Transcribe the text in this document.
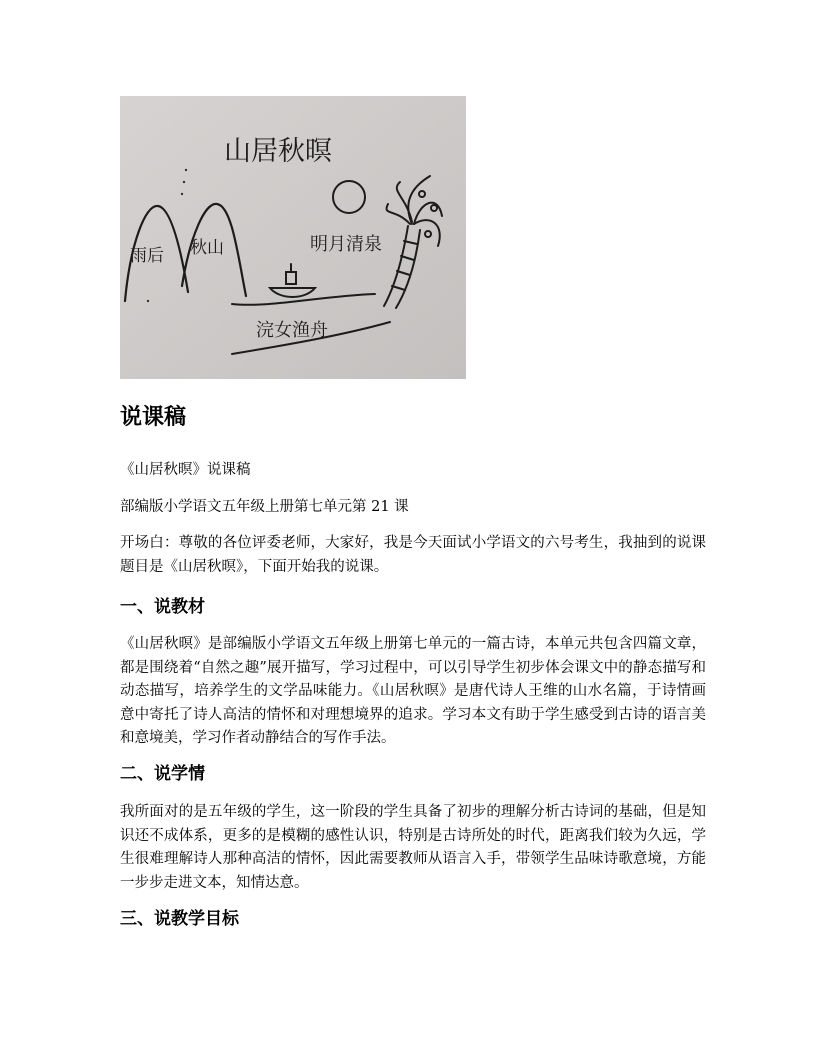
山居秋暝
雨后 秋山	明月清泉
浣女渔舟
说课稿

《山居秋暝》说课稿

部编版小学语文五年级上册第七单元第 21 课

开场白：尊敬的各位评委老师，大家好，我是今天面试小学语文的六号考生，我抽到的说课题目是《山居秋暝》，下面开始我的说课。

一、说教材

《山居秋暝》是部编版小学语文五年级上册第七单元的一篇古诗，本单元共包含四篇文章，都是围绕着“自然之趣”展开描写，学习过程中，可以引导学生初步体会课文中的静态描写和动态描写，培养学生的文学品味能力。《山居秋暝》是唐代诗人王维的山水名篇，于诗情画意中寄托了诗人高洁的情怀和对理想境界的追求。学习本文有助于学生感受到古诗的语言美和意境美，学习作者动静结合的写作手法。

二、说学情

我所面对的是五年级的学生，这一阶段的学生具备了初步的理解分析古诗词的基础，但是知识还不成体系，更多的是模糊的感性认识，特别是古诗所处的时代，距离我们较为久远，学生很难理解诗人那种高洁的情怀，因此需要教师从语言入手，带领学生品味诗歌意境，方能一步步走进文本，知情达意。

三、说教学目标
